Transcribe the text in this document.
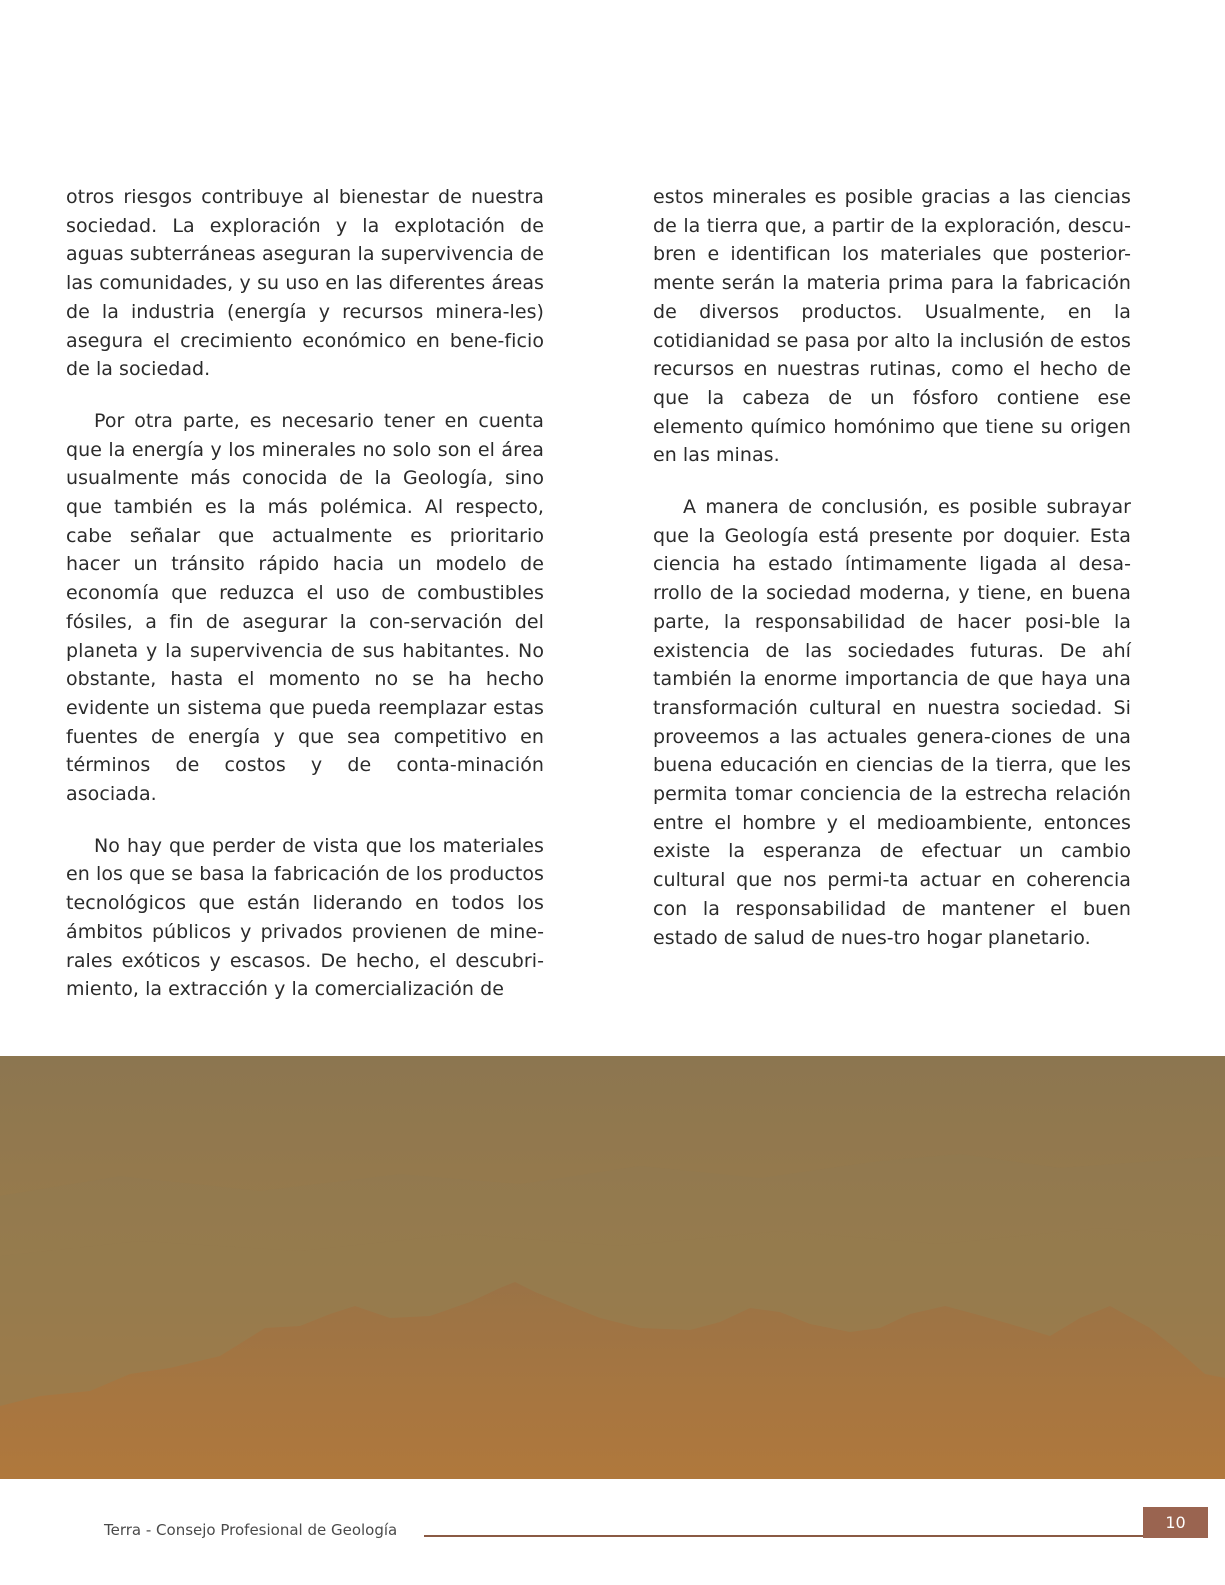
otros riesgos contribuye al bienestar de nuestra sociedad. La exploración y la explotación de aguas subterráneas aseguran la supervivencia de las comunidades, y su uso en las diferentes áreas de la industria (energía y recursos minera-​les) asegura el crecimiento económico en bene-​ficio de la sociedad.

Por otra parte, es necesario tener en cuenta que la energía y los minerales no solo son el área usualmente más conocida de la Geología, sino que también es la más polémica. Al respecto, cabe señalar que actualmente es prioritario hacer un tránsito rápido hacia un modelo de economía que reduzca el uso de combustibles fósiles, a fin de asegurar la con-​servación del planeta y la supervivencia de sus habitantes. No obstante, hasta el momento no se ha hecho evidente un sistema que pueda reemplazar estas fuentes de energía y que sea competitivo en términos de costos y de conta-​minación asociada.

No hay que perder de vista que los materiales en los que se basa la fabricación de los productos tecnológicos que están liderando en todos los ámbitos públicos y privados provienen de mine-​rales exóticos y escasos. De hecho, el descubri-​miento, la extracción y la comercialización de

estos minerales es posible gracias a las ciencias de la tierra que, a partir de la exploración, descu-​bren e identifican los materiales que posterior-​mente serán la materia prima para la fabricación de diversos productos. Usualmente, en la cotidianidad se pasa por alto la inclusión de estos recursos en nuestras rutinas, como el hecho de que la cabeza de un fósforo contiene ese elemento químico homónimo que tiene su origen en las minas.

A manera de conclusión, es posible subrayar que la Geología está presente por doquier. Esta ciencia ha estado íntimamente ligada al desa-​rrollo de la sociedad moderna, y tiene, en buena parte, la responsabilidad de hacer posi-​ble la existencia de las sociedades futuras. De ahí también la enorme importancia de que haya una transformación cultural en nuestra sociedad. Si proveemos a las actuales genera-​ciones de una buena educación en ciencias de la tierra, que les permita tomar conciencia de la estrecha relación entre el hombre y el medioambiente, entonces existe la esperanza de efectuar un cambio cultural que nos permi-​ta actuar en coherencia con la responsabilidad de mantener el buen estado de salud de nues-​tro hogar planetario.

Terra - Consejo Profesional de Geología	10
